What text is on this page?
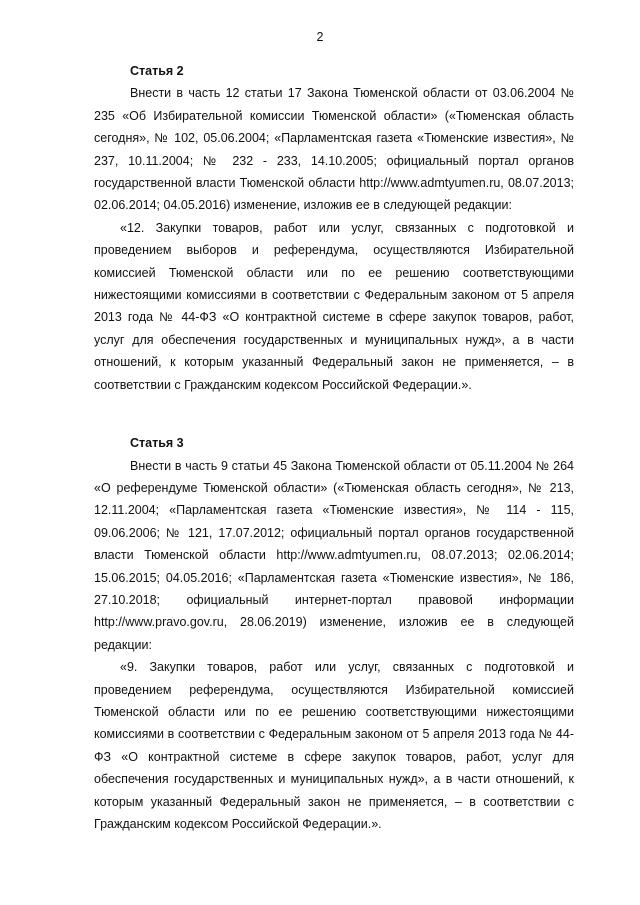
2

Статья 2

Внести в часть 12 статьи 17 Закона Тюменской области от 03.06.2004 № 235 «Об Избирательной комиссии Тюменской области» («Тюменская область сегодня», № 102, 05.06.2004; «Парламентская газета «Тюменские известия», № 237, 10.11.2004; № 232 - 233, 14.10.2005; официальный портал органов государственной власти Тюменской области http://www.admtyumen.ru, 08.07.2013; 02.06.2014; 04.05.2016) изменение, изложив ее в следующей редакции:

«12. Закупки товаров, работ или услуг, связанных с подготовкой и проведением выборов и референдума, осуществляются Избирательной комиссией Тюменской области или по ее решению соответствующими нижестоящими комиссиями в соответствии с Федеральным законом от 5 апреля 2013 года № 44-ФЗ «О контрактной системе в сфере закупок товаров, работ, услуг для обеспечения государственных и муниципальных нужд», а в части отношений, к которым указанный Федеральный закон не применяется, – в соответствии с Гражданским кодексом Российской Федерации.».

Статья 3

Внести в часть 9 статьи 45 Закона Тюменской области от 05.11.2004 № 264 «О референдуме Тюменской области» («Тюменская область сегодня», № 213, 12.11.2004; «Парламентская газета «Тюменские известия», № 114 - 115, 09.06.2006; № 121, 17.07.2012; официальный портал органов государственной власти Тюменской области http://www.admtyumen.ru, 08.07.2013; 02.06.2014; 15.06.2015; 04.05.2016; «Парламентская газета «Тюменские известия», № 186, 27.10.2018; официальный интернет-портал правовой информации http://www.pravo.gov.ru, 28.06.2019) изменение, изложив ее в следующей редакции:

«9. Закупки товаров, работ или услуг, связанных с подготовкой и проведением референдума, осуществляются Избирательной комиссией Тюменской области или по ее решению соответствующими нижестоящими комиссиями в соответствии с Федеральным законом от 5 апреля 2013 года № 44-ФЗ «О контрактной системе в сфере закупок товаров, работ, услуг для обеспечения государственных и муниципальных нужд», а в части отношений, к которым указанный Федеральный закон не применяется, – в соответствии с Гражданским кодексом Российской Федерации.».
